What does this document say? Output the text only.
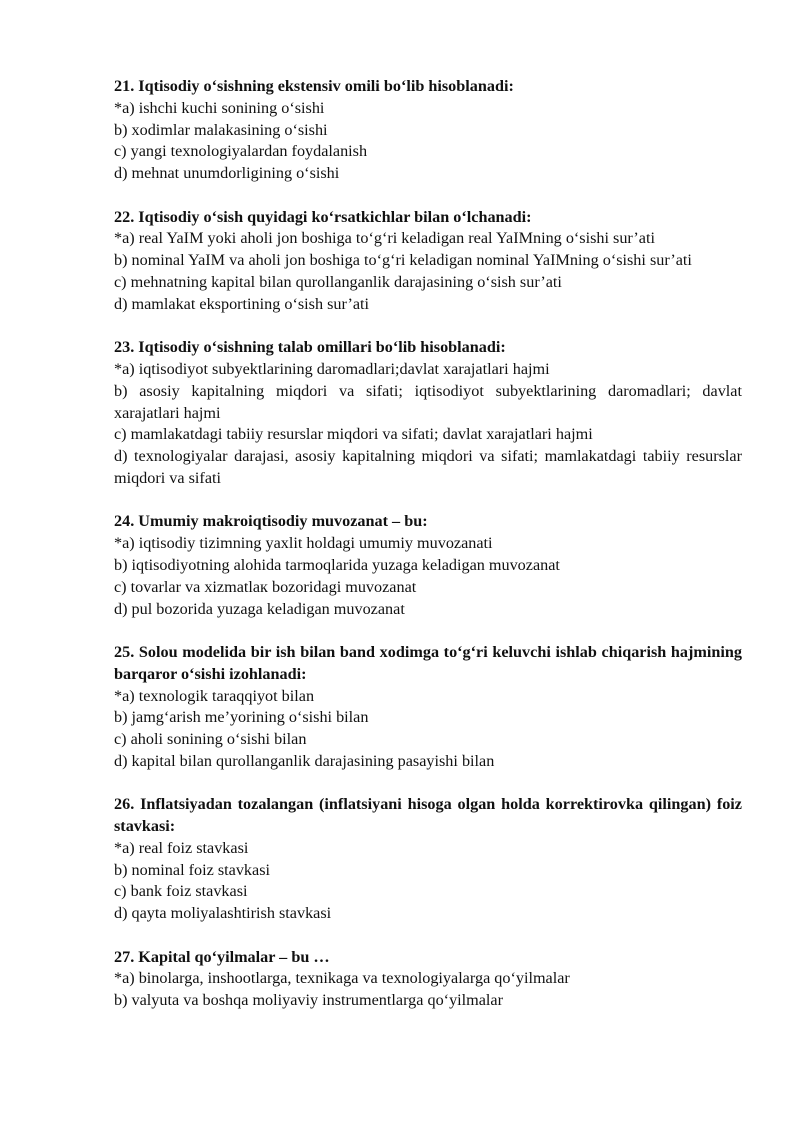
21. Iqtisodiy o‘sishning ekstensiv omili bo‘lib hisoblanadi:

*a) ishchi kuchi sonining o‘sishi

b) xodimlar malakasining o‘sishi

c) yangi texnologiyalardan foydalanish

d) mehnat unumdorligining o‘sishi

22. Iqtisodiy o‘sish quyidagi ko‘rsatkichlar bilan o‘lchanadi:

*a) real YaIM yoki aholi jon boshiga to‘g‘ri keladigan real YaIMning o‘sishi sur’ati

b) nominal YaIM va aholi jon boshiga to‘g‘ri keladigan nominal YaIMning o‘sishi sur’ati

c) mehnatning kapital bilan qurollanganlik darajasining o‘sish sur’ati

d) mamlakat eksportining o‘sish sur’ati

23. Iqtisodiy o‘sishning talab omillari bo‘lib hisoblanadi:

*a) iqtisodiyot subyektlarining daromadlari;davlat xarajatlari hajmi

b) asosiy kapitalning miqdori va sifati; iqtisodiyot subyektlarining daromadlari; davlat xarajatlari hajmi

c) mamlakatdagi tabiiy resurslar miqdori va sifati; davlat xarajatlari hajmi

d) texnologiyalar darajasi, asosiy kapitalning miqdori va sifati; mamlakatdagi tabiiy resurslar miqdori va sifati

24. Umumiy makroiqtisodiy muvozanat – bu:

*a) iqtisodiy tizimning yaxlit holdagi umumiy muvozanati

b) iqtisodiyotning alohida tarmoqlarida yuzaga keladigan muvozanat

c) tovarlar va xizmatlaк bozoridagi muvozanat

d) pul bozorida yuzaga keladigan muvozanat

25. Solou modelida bir ish bilan band xodimga to‘g‘ri keluvchi ishlab chiqarish hajmining barqaror o‘sishi izohlanadi:

*a) texnologik taraqqiyot bilan

b) jamg‘arish me’yorining o‘sishi bilan

c) aholi sonining o‘sishi bilan

d) kapital bilan qurollanganlik darajasining pasayishi bilan

26. Inflatsiyadan tozalangan (inflatsiyani hisoga olgan holda korrektirovka qilingan) foiz stavkasi:

*a) real foiz stavkasi

b) nominal foiz stavkasi

c) bank foiz stavkasi

d) qayta moliyalashtirish stavkasi

27. Kapital qo‘yilmalar – bu …

*a) binolarga, inshootlarga, texnikaga va texnologiyalarga qo‘yilmalar

b) valyuta va boshqa moliyaviy instrumentlarga qo‘yilmalar
